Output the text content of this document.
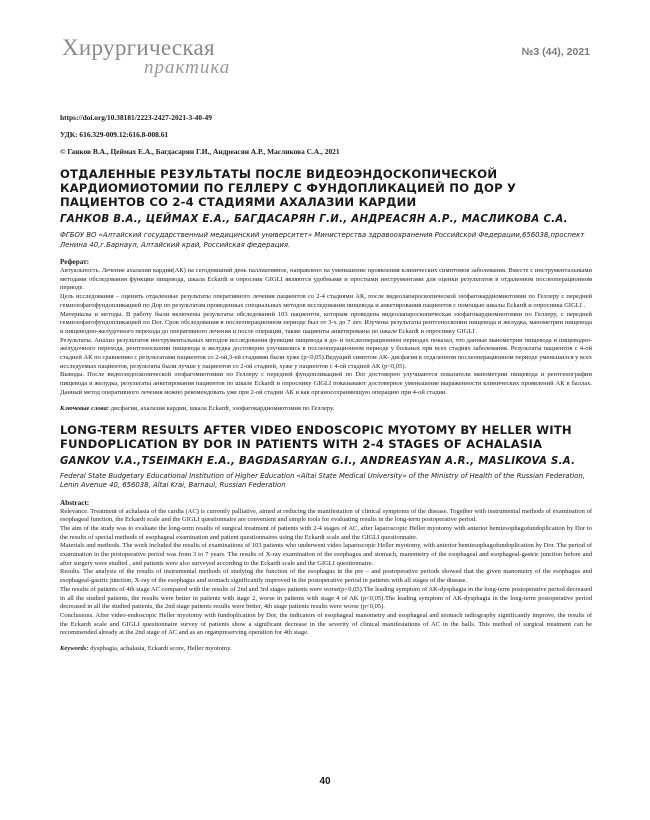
Хирургическая
практика
№3 (44), 2021
https://doi.org/10.38181/2223-2427-2021-3-40-49
УДК: 616.329-009.12:616.8-008.61
© Ганков В.А., Цеймах Е.А., Багдасарян Г.И., Андреасян А.Р., Масликова С.А., 2021
ОТДАЛЕННЫЕ РЕЗУЛЬТАТЫ ПОСЛЕ ВИДЕОЭНДОСКОПИЧЕСКОЙ КАРДИОМИОТОМИИ ПО ГЕЛЛЕРУ С ФУНДОПЛИКАЦИЕЙ ПО ДОР У ПАЦИЕНТОВ СО 2-4 СТАДИЯМИ АХАЛАЗИИ КАРДИИ
ГАНКОВ В.А., ЦЕЙМАХ Е.А., БАГДАСАРЯН Г.И., АНДРЕАСЯН А.Р., МАСЛИКОВА С.А.
ФГБОУ ВО «Алтайский государственный медицинский университет» Министерства здравоохранения Российской Федерации,656038,проспект Ленина 40,г.Барнаул, Алтайский край, Российская федерация.
Реферат:

Актуальность. Лечение ахалазии кардии(АК) на сегодняшний день паллиативное, направлено на уменьшение проявления клинических симптомов заболевания. Вместе с инструментальными методами обследования функции пищевода, шкала Eckardt и опросник GIGLI являются удобными и простыми инструментами для оценки результатов в отдаленном послеоперационном периоде.

Цель исследования – оценить отдаленные результаты оперативного лечения пациентов со 2-4 стадиями АК, после видеолапароскопической эзофагокардиомиотомии по Геллеру с передней гемиэзофагофундопликацией по Дор по результатам проведенных специальных методов исследования пищевода и анкетирования пациентов с помощью шкалы Eckardt и опросника GIGLI .

Материалы и методы. В работу были включены результаты обследований 103 пациентов, которым проведена видеолапароскопическая эзофагокардиомиотомии по Геллеру, с передней гемиэзофагофундопликацией по Dor. Срок обследования в послеоперационном периоде был от 3-х до 7 лет. Изучены результаты рентгеноскопии пищевода и желудка, манометрии пищевода и пищеводно-желудочного перехода до оперативного лечения и после операции, также пациенты анкетированы по шкале Eckardt и опроснику GIGLI .

Результаты. Анализ результатов инструментальных методов исследования функции пищевода в до- и послеоперационном периодах показал, что данные манометрии пищевода и пищеводно-желудочного перехода, рентгеноскопии пищевода и желудка достоверно улучшились в послеоперационном периоде у больных при всех стадиях заболевания. Результаты пациентов с 4-ой стадией АК по сравнению с результатами пациентов со 2-ой,3-ей стадиями были хуже (р<0,05).Ведущий симптом АК- дисфагия в отдаленном послеоперационном периоде уменьшился у всех исследуемых пациентов, результаты были лучше у пациентов со 2-ой стадией, хуже у пациентов с 4-ой стадией АК (р<0,05).

Выводы. После видеоэндоскопической эзофагомиотомии по Геллеру с передней фундопликацией по Dor достоверно улучшаются показатели манометрии пищевода и рентгенографии пищевода и желудка, результаты анкетирования пациентов по шкале Eckardt и опроснику GIGLI показывают достоверное уменьшение выраженности клинических проявлений АК в баллах. Данный метод оперативного лечения можно рекомендовать уже при 2-ой стадии АК и как органосохраняющую операцию при 4-ой стадии.

Ключевые слова: дисфагия, ахалазия кардии, шкала Eckardt, эзофагокардиомиотомия по Геллеру.
LONG-TERM RESULTS AFTER VIDEO ENDOSCOPIC MYOTOMY BY HELLER WITH FUNDOPLICATION BY DOR IN PATIENTS WITH 2-4 STAGES OF ACHALASIA
GANKOV V.A.,TSEIMAKH E.A., BAGDASARYAN G.I., ANDREASYAN A.R., MASLIKOVA S.A.
Federal State Budgetary Educational Institution of Higher Education «Altai State Medical University» of the Ministry of Health of the Russian Federation, Lenin Avenue 40, 656038, Altai Krai, Barnaul, Russian Federation
Abstract:

Relevance. Treatment of achalasia of the cardia (AC) is currently palliative, aimed at reducing the manifestation of clinical symptoms of the disease. Together with instrumental methods of examination of esophageal function, the Eckardt scale and the GIGLI questionnaire are convenient and simple tools for evaluating results in the long-term postoperative period.

The aim of the study was to evaluate the long-term results of surgical treatment of patients with 2-4 stages of AC, after laparoscopic Heller myotomy with anterior hemiesophagofundoplication by Dor to the results of special methods of esophageal examination and patient questionnaires using the Eckardt scale and the GIGLI questionnaire.

Materials and methods. The work included the results of examinations of 103 patients who underwent video laparoscopic Heller myotomy, with anterior hemiesophagofundoplication by Dor. The period of examination in the postoperative period was from 3 to 7 years. The results of X-ray examination of the esophagus and stomach, manometry of the esophageal and esophageal-gastric junction before and after surgery were studied , and patients were also surveyed according to the Eckardt scale and the GIGLI questionnaire.

Results. The analysis of the results of instrumental methods of studying the function of the esophagus in the pre – and postoperative periods showed that the given manometry of the esophagus and esophageal-gastric junction, X-ray of the esophagus and stomach significantly improved in the postoperative period in patients with all stages of the disease.

The results of patients of 4th stage AC compared with the results of 2nd and 3rd stages patients were worse(p<0,05).The leading symptom of AK-dysphagia in the long-term postoperative period decreased in all the studied patients, the results were better in patients with stage 2, worse in patients with stage 4 of AK (p<0,05).The leading symptom of AK-dysphagia in the long-term postoperative period decreased in all the studied patients, the 2nd stage patients results were better, 4th stage patients results were worse (p<0,05).

Conclusions. After video-endoscopic Heller myotomy with fundoplication by Dor, the indicators of esophageal manometry and esophageal and stomach radiography significantly improve, the results of the Eckardt scale and GIGLI questionnaire survey of patients show a significant decrease in the severity of clinical manifestations of AC in the balls. This method of surgical treatment can be recommended already at the 2nd stage of AC and as an organpreserving operation for 4th stage.

Keywords: dysphagia, achalasia, Eckardt score, Heller myotomy.
40
